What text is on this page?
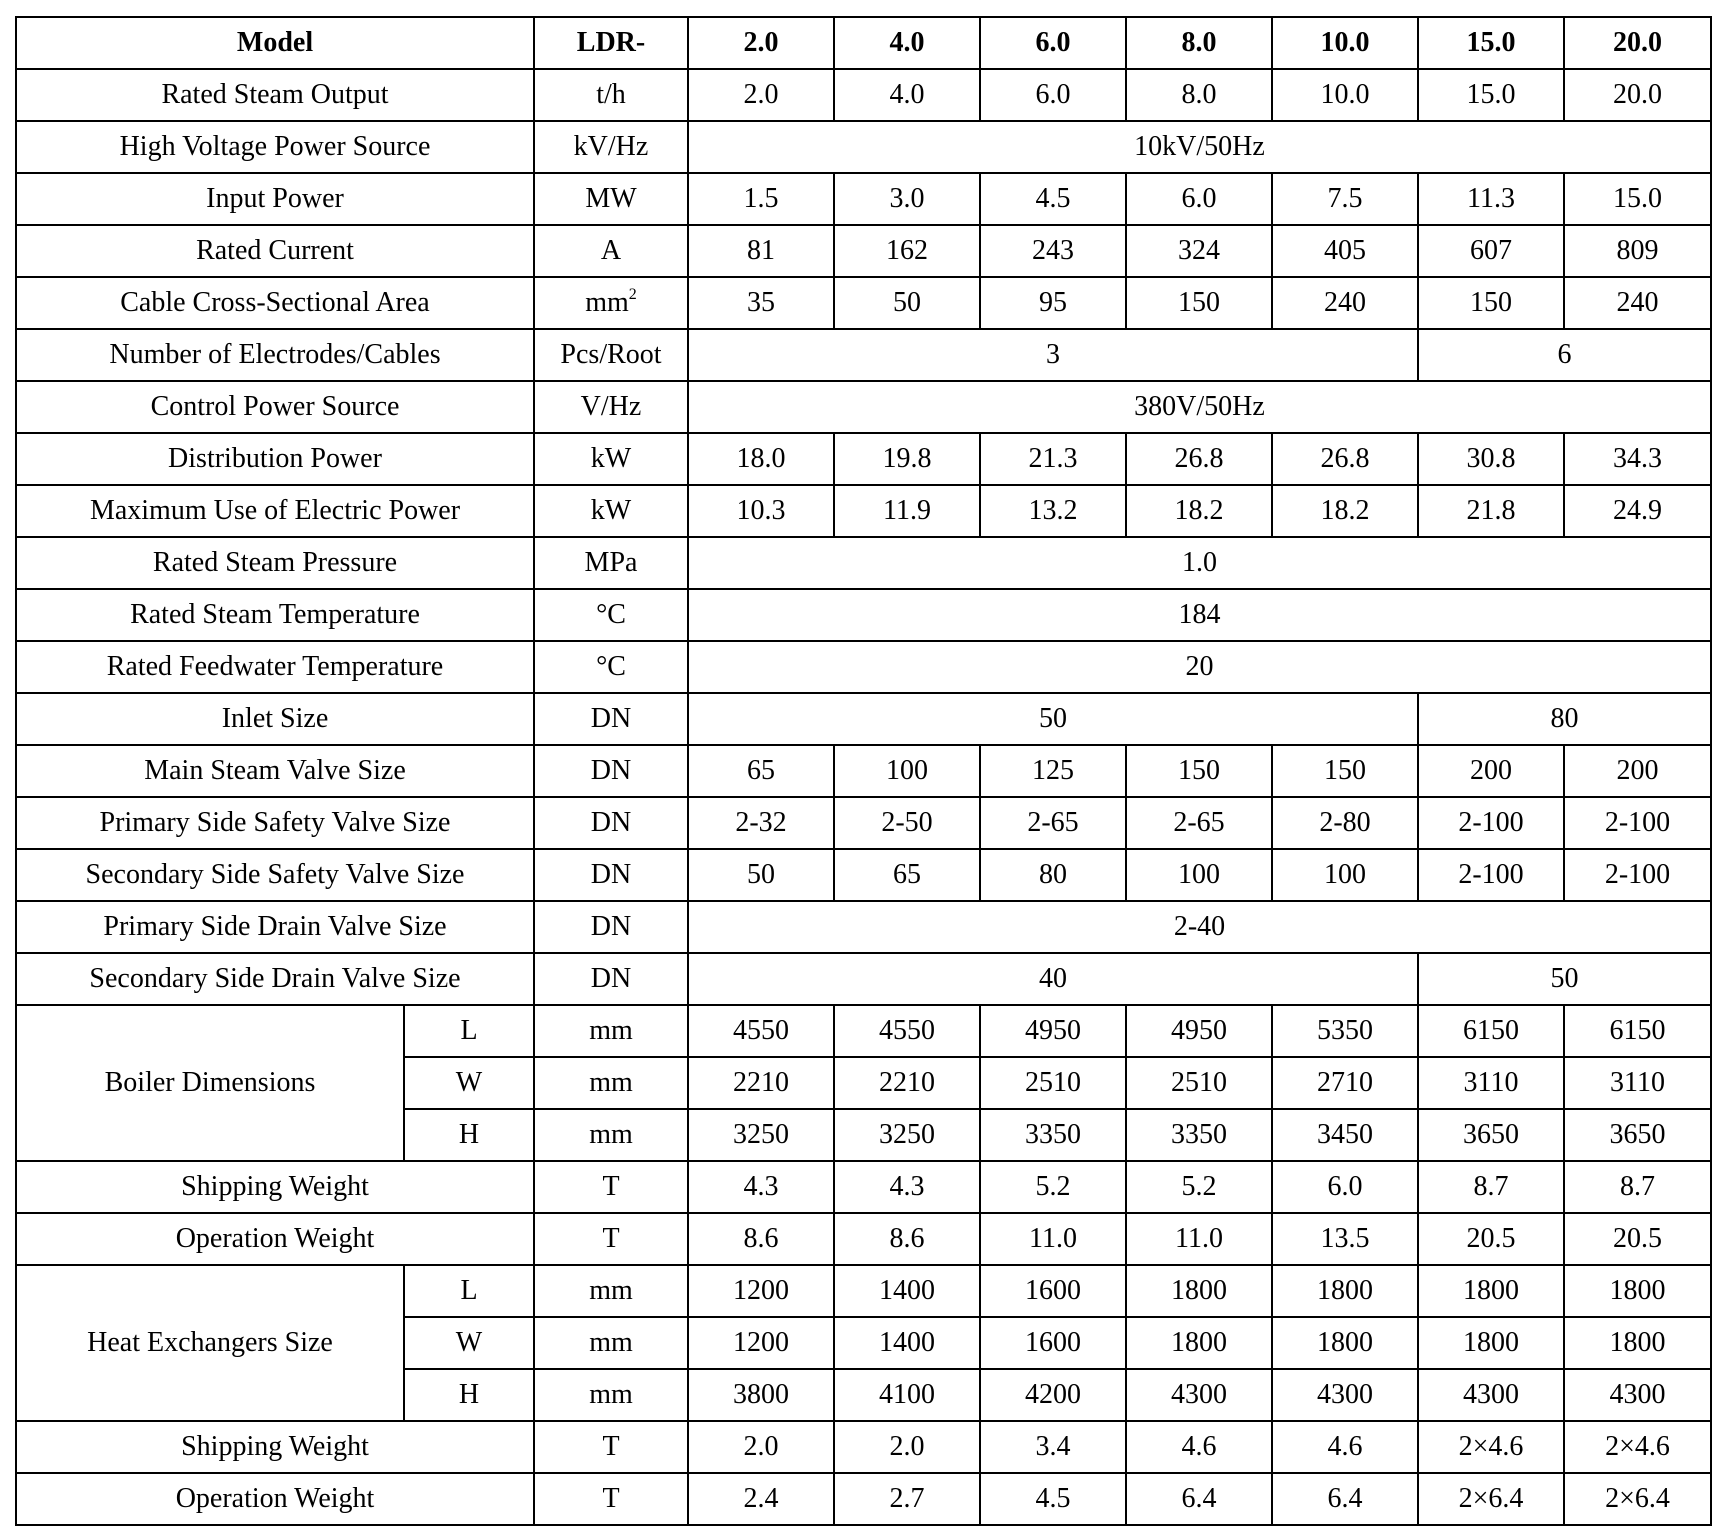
Model		LDR-	2.0	4.0	6.0	8.0	10.0	15.0	20.0
Rated Steam Output		t/h	2.0	4.0	6.0	8.0	10.0	15.0	20.0
High Voltage Power Source		kV/Hz	10kV/50Hz						
Input Power		MW	1.5	3.0	4.5	6.0	7.5	11.3	15.0
Rated Current		A	81	162	243	324	405	607	809
Cable Cross-Sectional Area		$mm^2$	35	50	95	150	240	150	240
Number of Electrodes/Cables		Pcs/Root	3					6	
Control Power Source		V/Hz	380V/50Hz						
Distribution Power		kW	18.0	19.8	21.3	26.8	26.8	30.8	34.3
Maximum Use of Electric Power		kW	10.3	11.9	13.2	18.2	18.2	21.8	24.9
Rated Steam Pressure		MPa	1.0						
Rated Steam Temperature		°C	184						
Rated Feedwater Temperature		°C	20						
Inlet Size		DN	50					80	
Main Steam Valve Size		DN	65	100	125	150	150	200	200
Primary Side Safety Valve Size		DN	2-32	2-50	2-65	2-65	2-80	2-100	2-100
Secondary Side Safety Valve Size		DN	50	65	80	100	100	2-100	2-100
Primary Side Drain Valve Size		DN	2-40						
Secondary Side Drain Valve Size		DN	40					50	
Boiler Dimensions	L	mm	4550	4550	4950	4950	5350	6150	6150
	W	mm	2210	2210	2510	2510	2710	3110	3110
	H	mm	3250	3250	3350	3350	3450	3650	3650
Shipping Weight		T	4.3	4.3	5.2	5.2	6.0	8.7	8.7
Operation Weight		T	8.6	8.6	11.0	11.0	13.5	20.5	20.5
Heat Exchangers Size	L	mm	1200	1400	1600	1800	1800	1800	1800
	W	mm	1200	1400	1600	1800	1800	1800	1800
	H	mm	3800	4100	4200	4300	4300	4300	4300
Shipping Weight		T	2.0	2.0	3.4	4.6	4.6	2×4.6	2×4.6
Operation Weight		T	2.4	2.7	4.5	6.4	6.4	2×6.4	2×6.4
